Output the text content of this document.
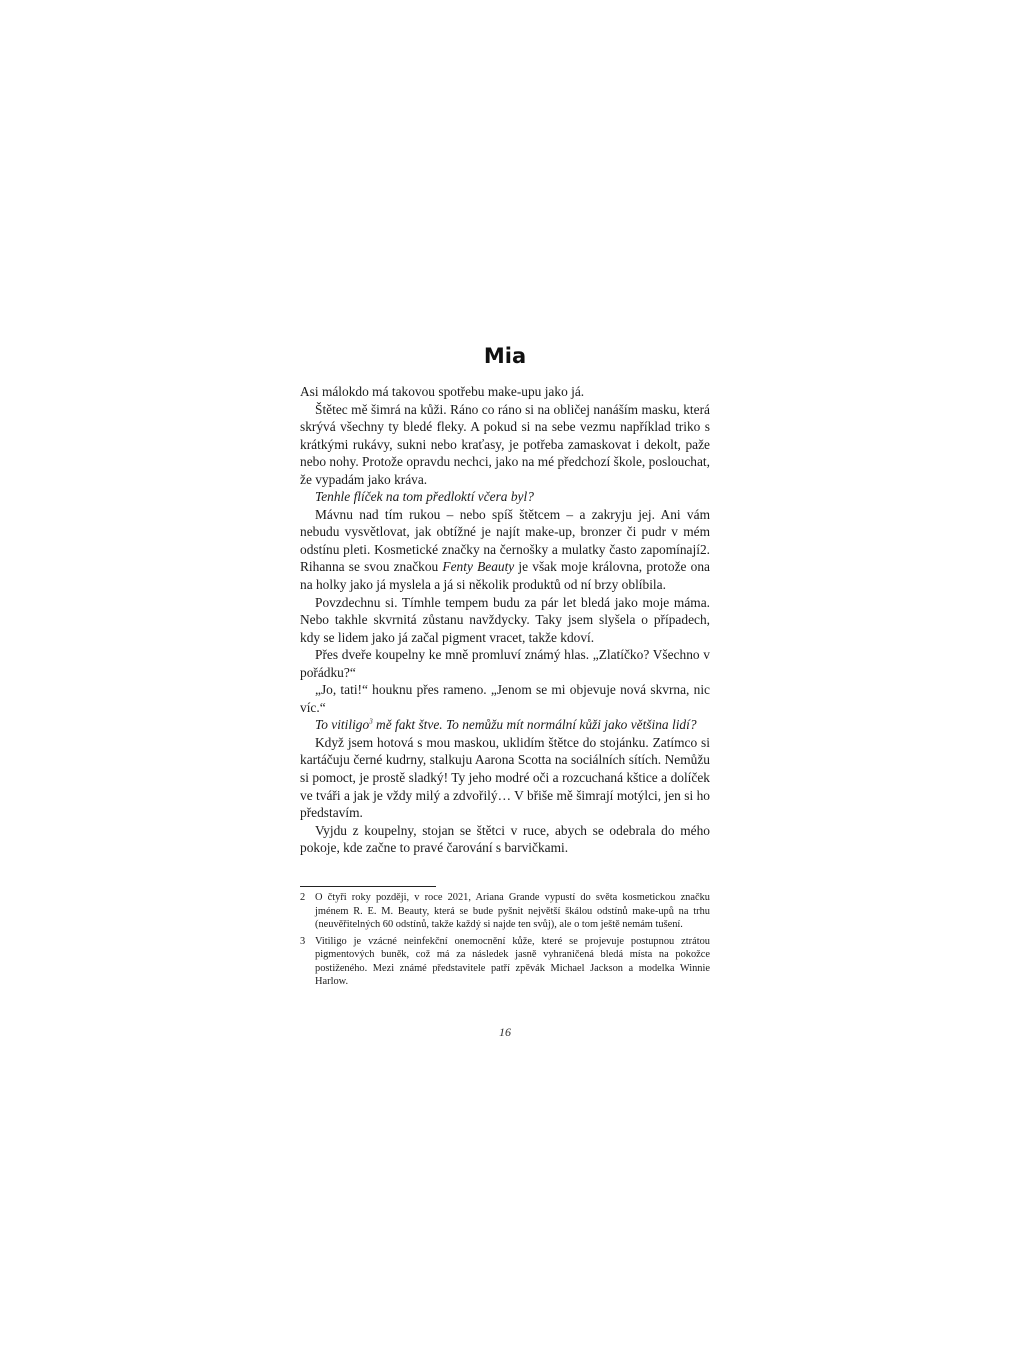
Mia

Asi málokdo má takovou spotřebu make-upu jako já.

Štětec mě šimrá na kůži. Ráno co ráno si na obličej nanáším masku, která skrývá všechny ty bledé fleky. A pokud si na sebe vezmu například triko s krátkými rukávy, sukni nebo kraťasy, je potřeba zamaskovat i dekolt, paže nebo nohy. Protože opravdu nechci, jako na mé předchozí škole, poslouchat, že vypadám jako kráva.

Tenhle flíček na tom předloktí včera byl?

Mávnu nad tím rukou – nebo spíš štětcem – a zakryju jej. Ani vám nebudu vysvětlovat, jak obtížné je najít make-up, bronzer či pudr v mém odstínu pleti. Kosmetické značky na černošky a mulatky často zapomínají2. Rihanna se svou značkou Fenty Beauty je však moje královna, protože ona na holky jako já myslela a já si několik produktů od ní brzy oblíbila.

Povzdechnu si. Tímhle tempem budu za pár let bledá jako moje máma. Nebo takhle skvrnitá zůstanu navždycky. Taky jsem slyšela o případech, kdy se lidem jako já začal pigment vracet, takže kdoví.

Přes dveře koupelny ke mně promluví známý hlas. „Zlatíčko? Všechno v pořádku?“

„Jo, tati!“ houknu přes rameno. „Jenom se mi objevuje nová skvrna, nic víc.“

To vitiligo$^3$ mě fakt štve. To nemůžu mít normální kůži jako většina lidí?

Když jsem hotová s mou maskou, uklidím štětce do stojánku. Zatímco si kartáčuju černé kudrny, stalkuju Aarona Scotta na sociálních sítích. Nemůžu si pomoct, je prostě sladký! Ty jeho modré oči a rozcuchaná kštice a dolíček ve tváři a jak je vždy milý a zdvořilý… V břiše mě šimrají motýlci, jen si ho představím.

Vyjdu z koupelny, stojan se štětci v ruce, abych se odebrala do mého pokoje, kde začne to pravé čarování s barvičkami.

2 O čtyři roky později, v roce 2021, Ariana Grande vypustí do světa kosmetickou značku jménem R. E. M. Beauty, která se bude pyšnit největší škálou odstínů make-upů na trhu (neuvěřitelných 60 odstínů, takže každý si najde ten svůj), ale o tom ještě nemám tušení.
3 Vitiligo je vzácné neinfekční onemocnění kůže, které se projevuje postupnou ztrátou pigmentových buněk, což má za následek jasně vyhraničená bledá místa na pokožce postiženého. Mezi známé představitele patří zpěvák Michael Jackson a modelka Winnie Harlow.
16
